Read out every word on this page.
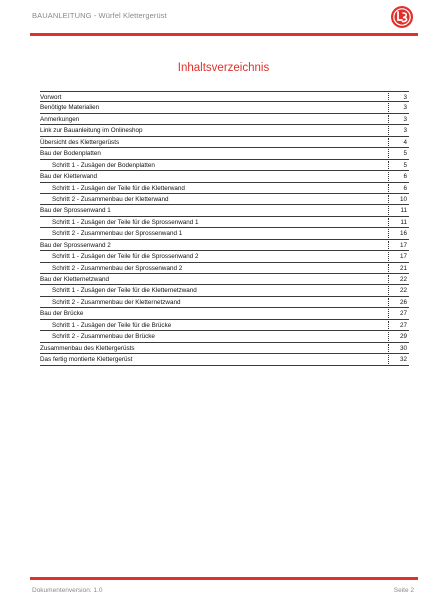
BAUANLEITUNG - Würfel Klettergerüst
Inhaltsverzeichnis
Vorwort	3
Benötigte Materialien	3
Anmerkungen	3
Link zur Bauanleitung im Onlineshop	3
Übersicht des Klettergerüsts	4
Bau der Bodenplatten	5
Schritt 1 - Zusägen der Bodenplatten	5
Bau der Kletterwand	6
Schritt 1 - Zusägen der Teile für die Kletterwand	6
Schritt 2 - Zusammenbau der Kletterwand	10
Bau der Sprossenwand 1	11
Schritt 1 - Zusägen der Teile für die Sprossenwand 1	11
Schritt 2 - Zusammenbau der Sprossenwand 1	16
Bau der Sprossenwand 2	17
Schritt 1 - Zusägen der Teile für die Sprossenwand 2	17
Schritt 2 - Zusammenbau der Sprossenwand 2	21
Bau der Kletternetzwand	22
Schritt 1 - Zusägen der Teile für die Kletternetzwand	22
Schritt 2 - Zusammenbau der Kletternetzwand	26
Bau der Brücke	27
Schritt 1 - Zusägen der Teile für die Brücke	27
Schritt 2 - Zusammenbau der Brücke	29
Zusammenbau des Klettergerüsts	30
Das fertig montierte Klettergerüst	32
Dokumentenversion: 1.0	Seite 2
